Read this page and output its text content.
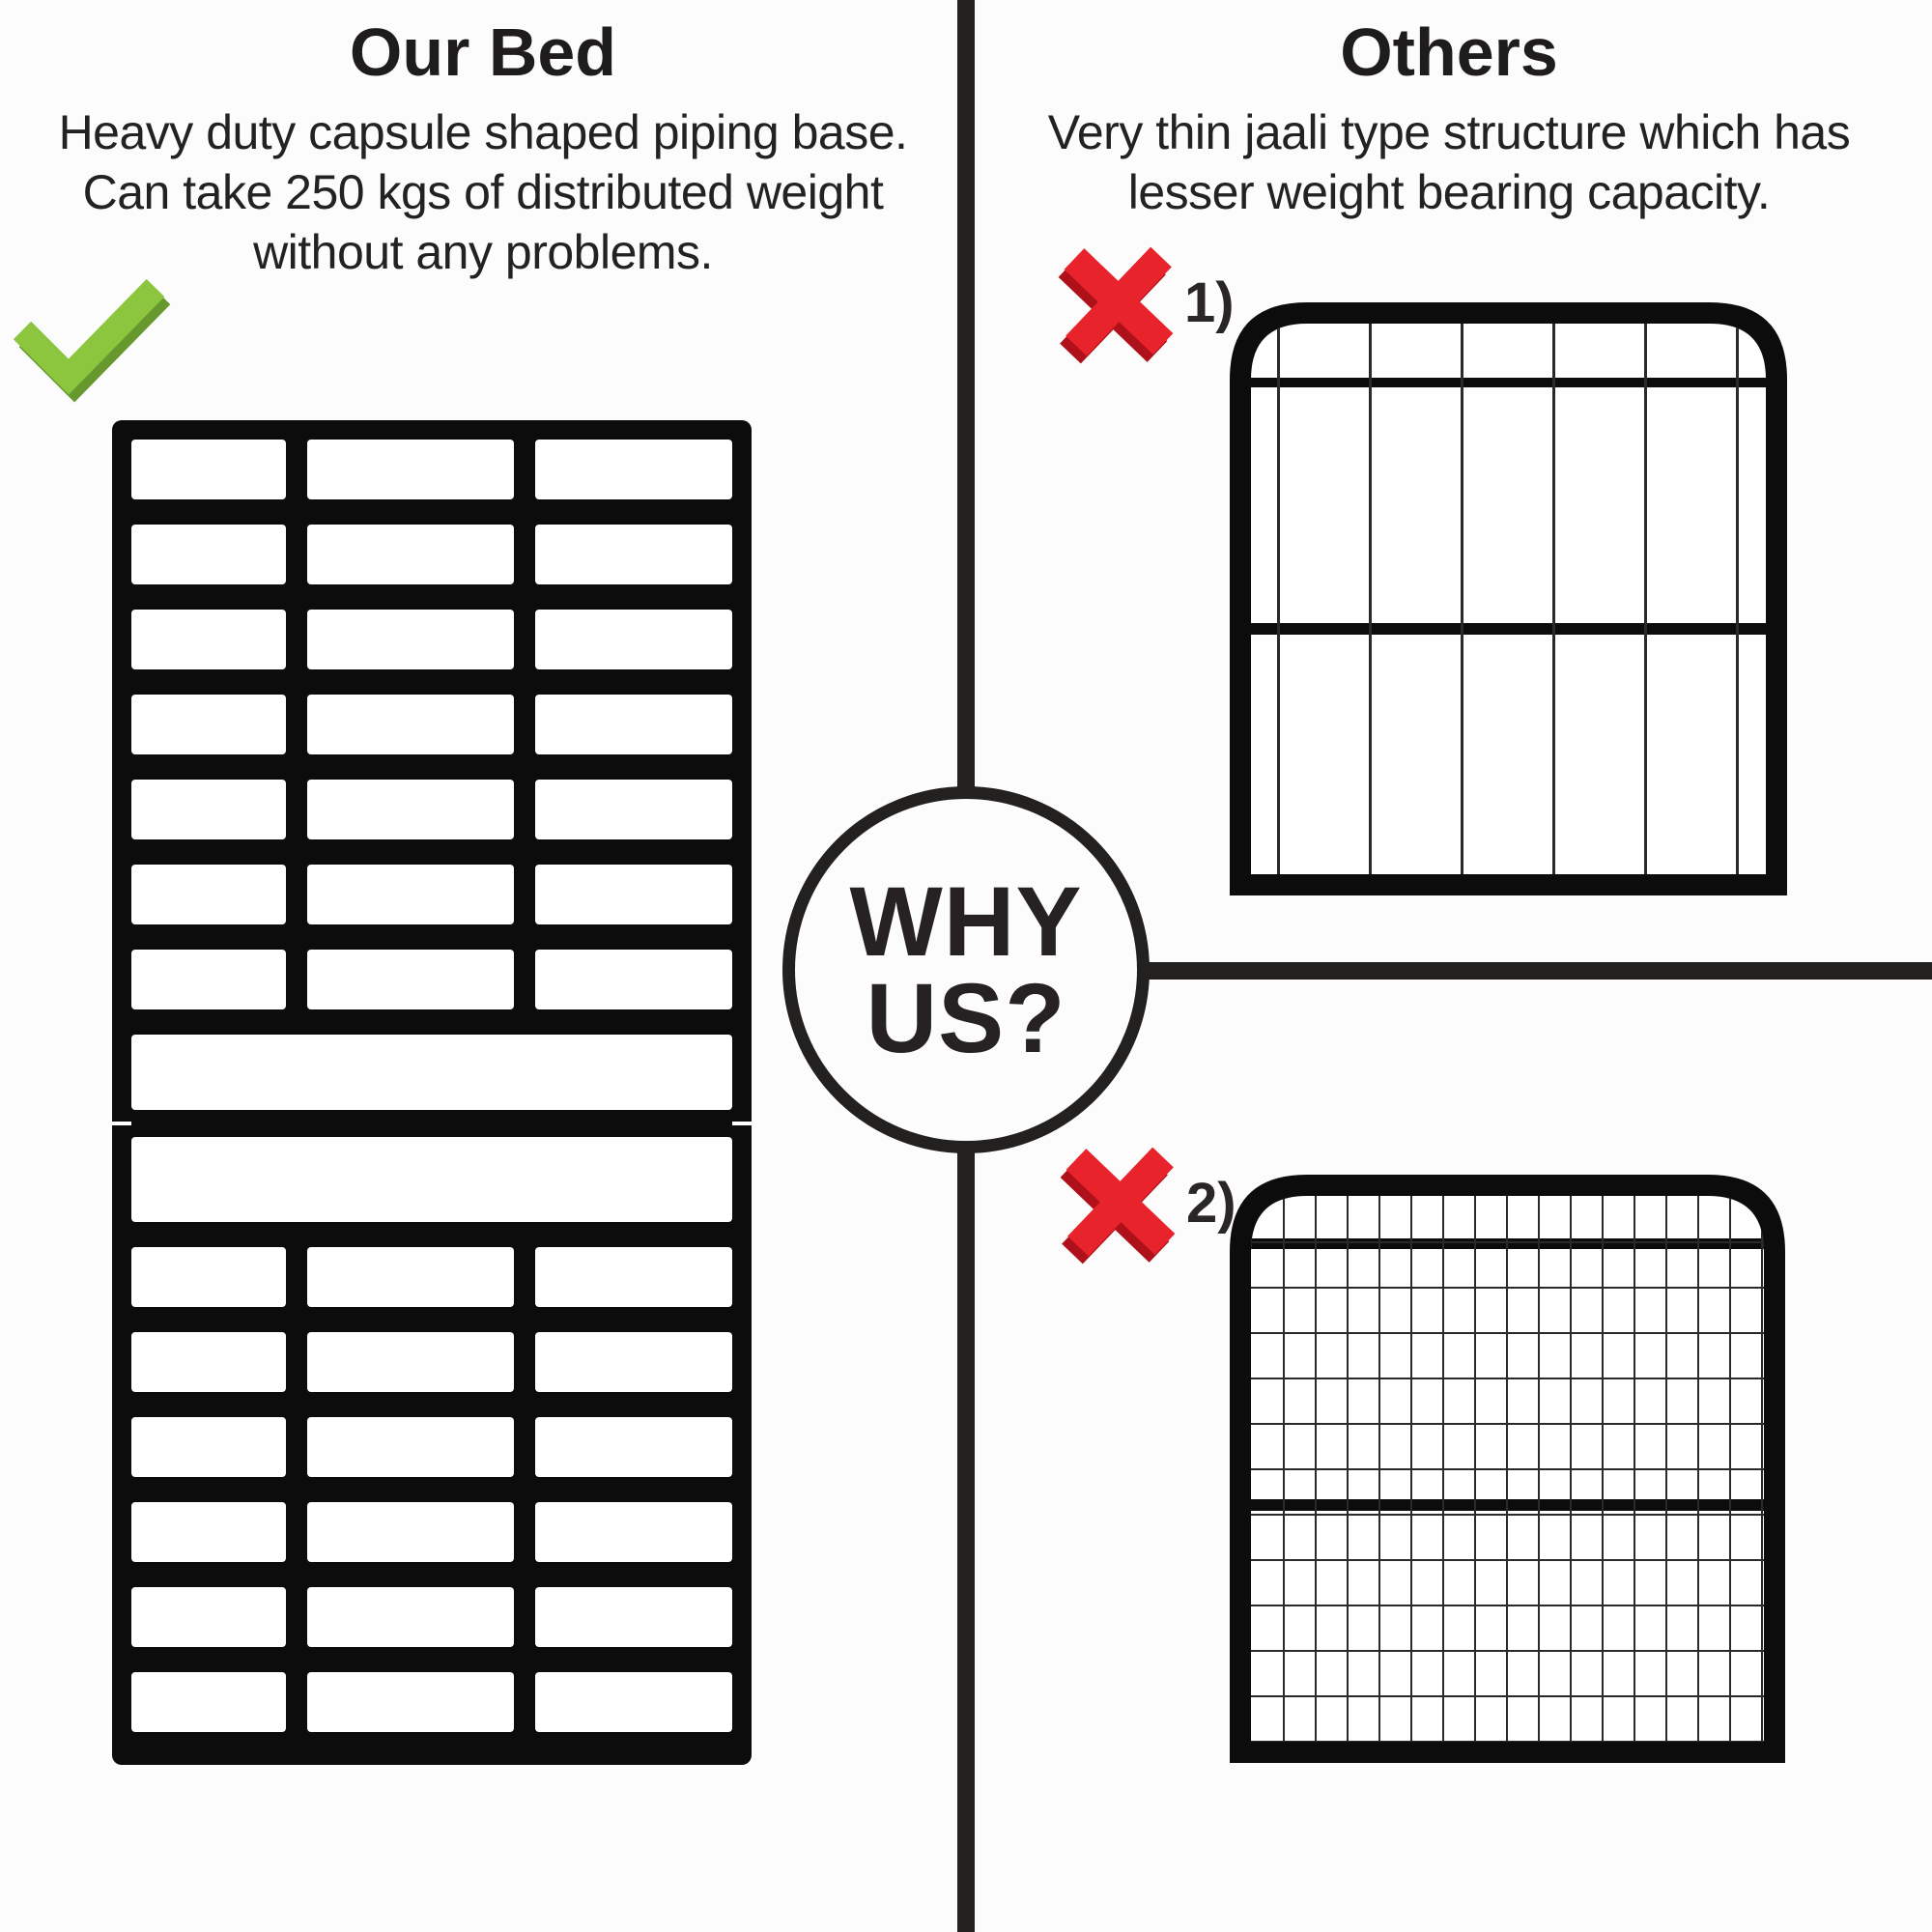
Our Bed

Heavy duty capsule shaped piping base.
Can take 250 kgs of distributed weight
without any problems.

Others

Very thin jaali type structure which has
lesser weight bearing capacity.

1)
2)
WHY
US?
